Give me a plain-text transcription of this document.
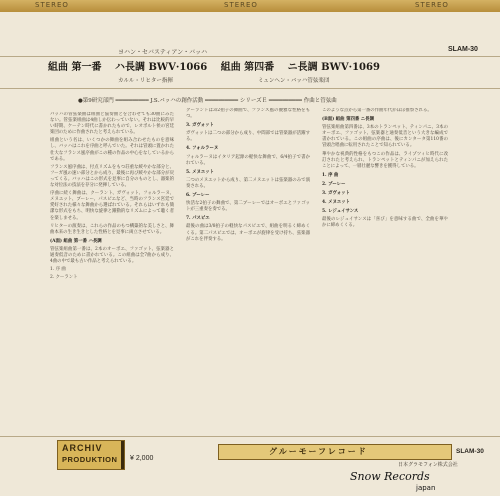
STEREO	STEREO	STEREO
ヨハン・セバスティアン・バッハ	SLAM-30
組曲 第一番 ハ長調 BWV·1066 組曲 第四番 ニ長調 BWV·1069
カルル・リヒター指揮	ミュンヘン・バッハ管弦楽団
●第9研究部門 ━━━━━━━━━━ J.S.バッハの創作活動 ━━━━━━━━━━ シリーズＥ ━━━━━━━━━━ 作曲と管弦曲

バッハの管弦楽曲は組曲と協奏曲とを合わせても30曲にみたない。管弦楽組曲は4曲しか伝わっていない。それは比較的早い時期、ケーテン時代に書かれたもので、レオポルト侯の宮廷楽団のために作曲されたと考えられている。

組曲という名は、いくつかの舞曲を組み合わせたものを意味し、バッハはこれを序曲と呼んでいた。それは冒頭に置かれた壮大なフランス風序曲がこの種の作品の中心をなしているからである。

フランス風序曲は、付点リズムをもつ荘重な緩やかな部分と、フーガ風の速い部分とから成り、最後に再び緩やかな部分が戻ってくる。バッハはこの形式を見事に自分のものとし、器楽的な対位法の技法を存分に発揮している。

序曲に続く舞曲は、クーラント、ガヴォット、フォルラーヌ、メヌエット、ブーレー、パスピエなど、当時のフランス宮廷で愛好された様々な舞曲から選ばれている。それらはいずれも簡潔な形式をもち、明快な旋律と躍動的なリズムによって聴く者を楽しませる。

リヒターの演奏は、これらの作品のもつ構築的な美しさと、舞曲本来の生き生きとした性格とを見事に両立させている。

(A面) 組曲 第一番 ハ長調

管弦楽組曲第一番は、2本のオーボエ、ファゴット、弦楽器と通奏低音のために書かれている。この組曲は全7曲から成り、4曲の中で最も古い作品と考えられている。

1. 序 曲

2. クーラント

クーラントは3/2拍子の舞曲で、フランス風の優雅な性格をもつ。

3. ガヴォット

ガヴォットは二つの部分から成り、中間部では管楽器が活躍する。

4. フォルラーヌ

フォルラーヌはイタリア起源の軽快な舞曲で、6/4拍子で書かれている。

5. メヌエット

二つのメヌエットから成り、第二メヌエットは弦楽器のみで演奏される。

6. ブーレー

快活な2拍子の舞曲で、第二ブーレーではオーボエとファゴットが三重奏を奏でる。

7. パスピエ

最後の曲は3/8拍子の軽快なパスピエで、組曲を明るく締めくくる。第二パスピエでは、オーボエが旋律を受け持ち、弦楽器がこれを伴奏する。

このような点から第一番の作曲年代がほぼ推察される。

(B面) 組曲 第四番 ニ長調

管弦楽組曲第四番は、3本のトランペット、ティンパニ、3本のオーボエ、ファゴット、弦楽器と通奏低音という大きな編成で書かれている。この組曲の序曲は、後にカンタータ第110番の冒頭合唱曲に転用されたことで知られている。

華やかな祝典的性格をもつこの作品は、ライプツィヒ時代に改訂されたと考えられ、トランペットとティンパニが加えられたことによって、一層壮麗な響きを獲得している。

1. 序 曲

2. ブーレー

3. ガヴォット

4. メヌエット

5. レジュイサンス

最後のレジュイサンスは「喜び」を意味する曲で、全曲を華やかに締めくくる。

ARCHIV
PRODUKTION ¥ 2,000
グルーモーフレコード	SLAM-30
日本グラモフォン株式会社
Snow Records
japan
